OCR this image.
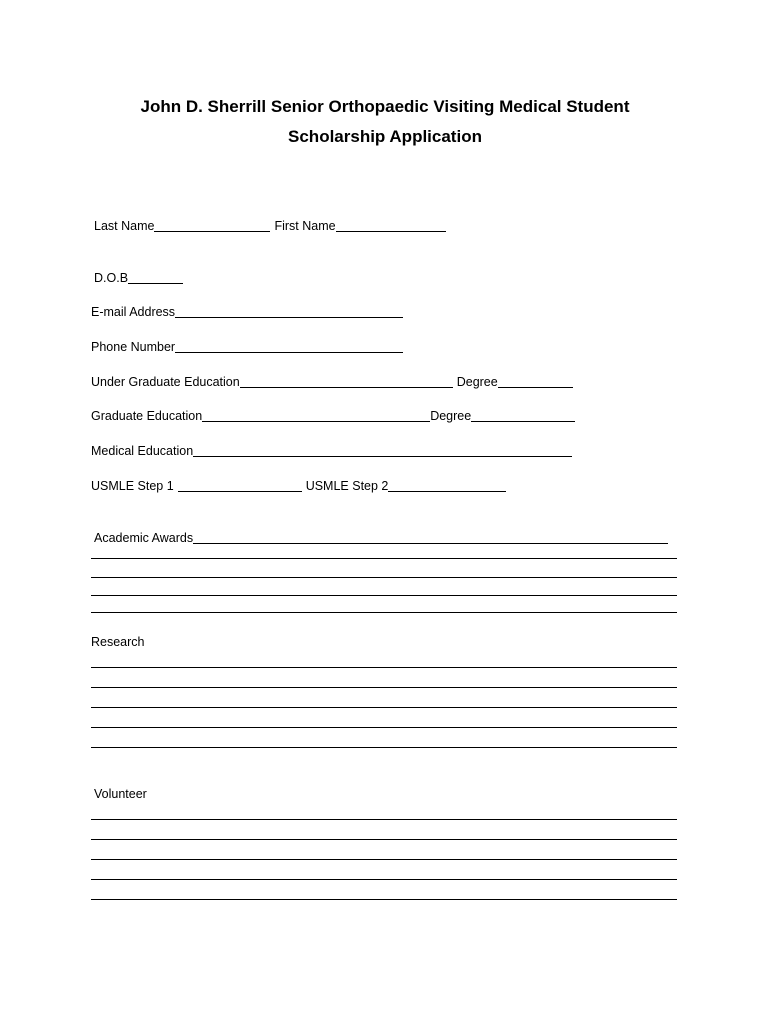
John D. Sherrill Senior Orthopaedic Visiting Medical Student
Scholarship Application
Last Name	First Name
D.O.B
E-mail Address
Phone Number
Under Graduate Education	Degree
Graduate Education	Degree
Medical Education
USMLE Step 1	USMLE Step 2
Academic Awards
Research
Volunteer
